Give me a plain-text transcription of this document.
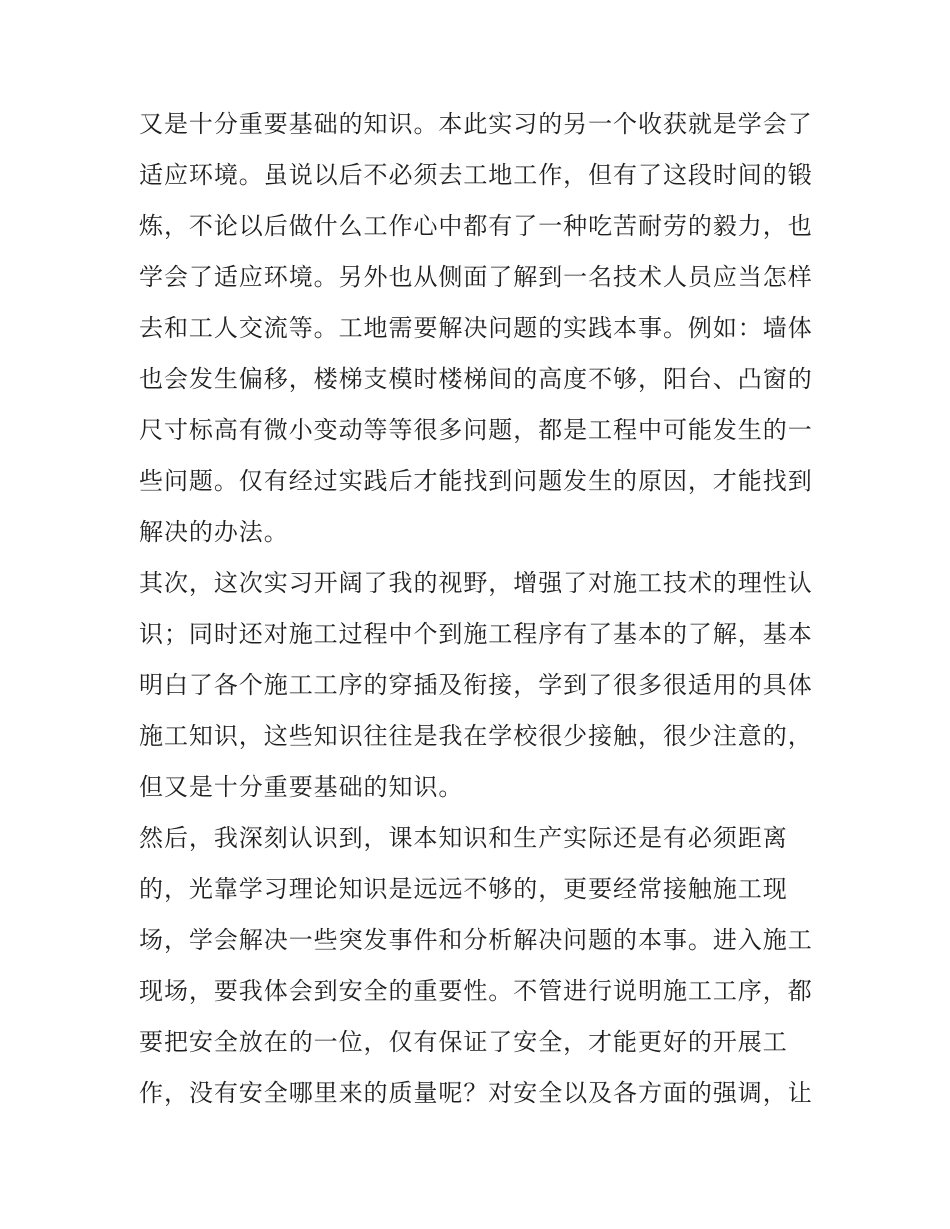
又是十分重要基础的知识。本此实习的另一个收获就是学会了
适应环境。虽说以后不必须去工地工作，但有了这段时间的锻
炼，不论以后做什么工作心中都有了一种吃苦耐劳的毅力，也
学会了适应环境。另外也从侧面了解到一名技术人员应当怎样
去和工人交流等。工地需要解决问题的实践本事。例如：墙体
也会发生偏移，楼梯支模时楼梯间的高度不够，阳台、凸窗的
尺寸标高有微小变动等等很多问题，都是工程中可能发生的一
些问题。仅有经过实践后才能找到问题发生的原因，才能找到
解决的办法。
其次，这次实习开阔了我的视野，增强了对施工技术的理性认
识；同时还对施工过程中个到施工程序有了基本的了解，基本
明白了各个施工工序的穿插及衔接，学到了很多很适用的具体
施工知识，这些知识往往是我在学校很少接触，很少注意的，
但又是十分重要基础的知识。
然后，我深刻认识到，课本知识和生产实际还是有必须距离
的，光靠学习理论知识是远远不够的，更要经常接触施工现
场，学会解决一些突发事件和分析解决问题的本事。进入施工
现场，要我体会到安全的重要性。不管进行说明施工工序，都
要把安全放在的一位，仅有保证了安全，才能更好的开展工
作，没有安全哪里来的质量呢？对安全以及各方面的强调，让
